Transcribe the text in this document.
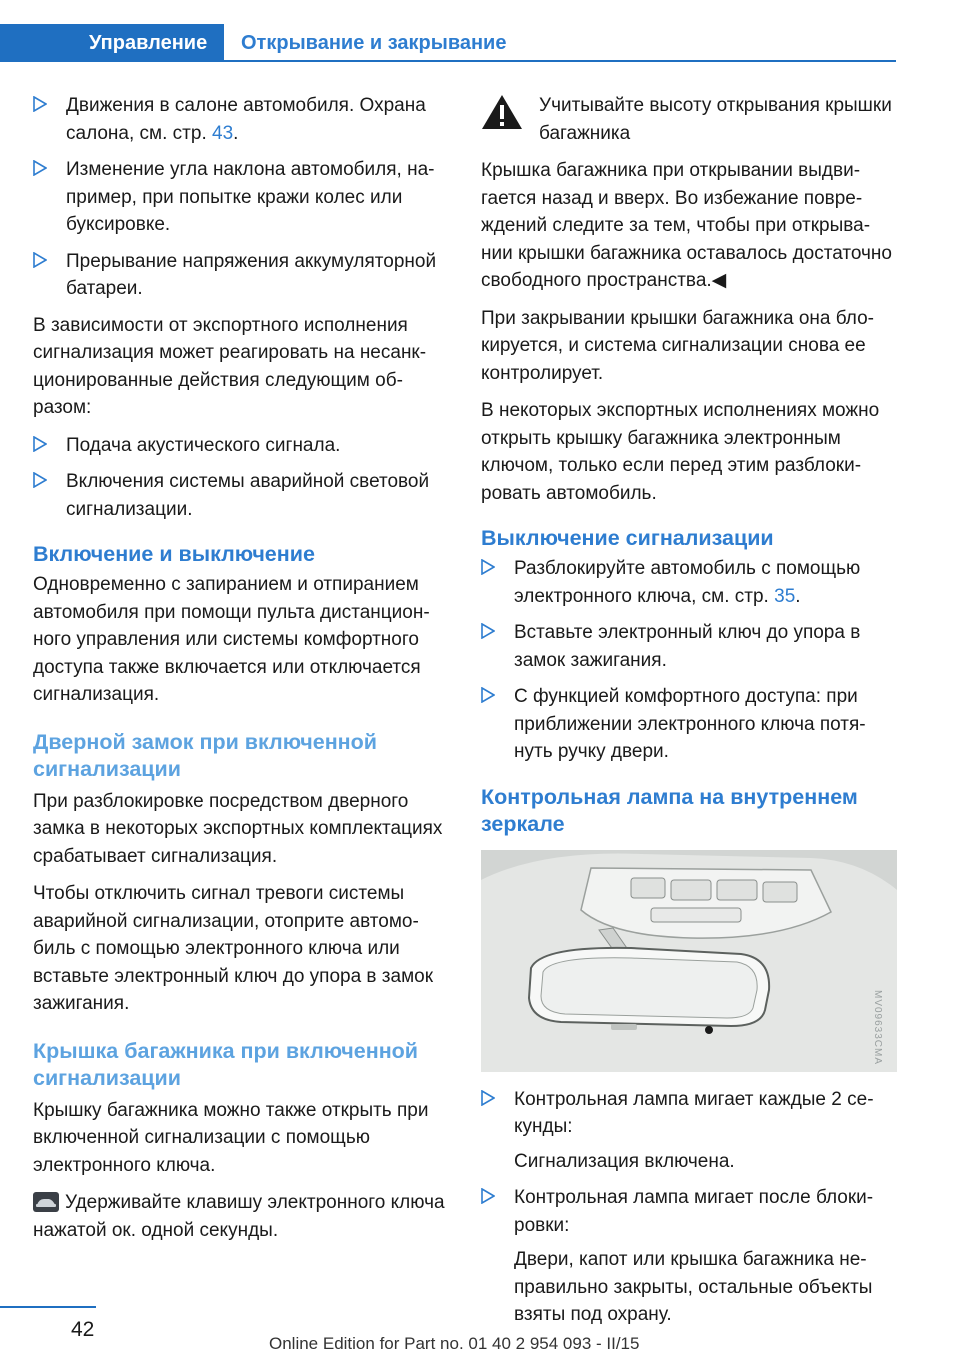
Управление	Открывание и закрывание
Движения в салоне автомобиля. Охрана салона, см. стр. 43.
Изменение угла наклона автомобиля, например, при попытке кражи колес или буксировке.
Прерывание напряжения аккумуляторной батареи.

В зависимости от экспортного исполнения сигнализация может реагировать на несанкционированные действия следующим образом:

Подача акустического сигнала.
Включения системы аварийной световой сигнализации.
Включение и выключение

Одновременно с запиранием и отпиранием автомобиля при помощи пульта дистанционного управления или системы комфортного доступа также включается или отключается сигнализация.

Дверной замок при включенной сигнализации

При разблокировке посредством дверного замка в некоторых экспортных комплектациях срабатывает сигнализация.

Чтобы отключить сигнал тревоги системы аварийной сигнализации, отоприте автомобиль с помощью электронного ключа или вставьте электронный ключ до упора в замок зажигания.

Крышка багажника при включенной сигнализации

Крышку багажника можно также открыть при включенной сигнализации с помощью электронного ключа.

Удерживайте клавишу электронного ключа нажатой ок. одной секунды.

Учитывайте высоту открывания крышки багажника

Крышка багажника при открывании выдвигается назад и вверх. Во избежание повреждений следите за тем, чтобы при открывании крышки багажника оставалось достаточно свободного пространства.◀

При закрывании крышки багажника она блокируется, и система сигнализации снова ее контролирует.

В некоторых экспортных исполнениях можно открыть крышку багажника электронным ключом, только если перед этим разблокировать автомобиль.

Выключение сигнализации
Разблокируйте автомобиль с помощью электронного ключа, см. стр. 35.
Вставьте электронный ключ до упора в замок зажигания.
С функцией комфортного доступа: при приближении электронного ключа потянуть ручку двери.
Контрольная лампа на внутреннем зеркале
MV09633CMA
Контрольная лампа мигает каждые 2 секунды:
Сигнализация включена.
Контрольная лампа мигает после блокировки:
Двери, капот или крышка багажника неправильно закрыты, остальные объекты взяты под охрану.
42
Online Edition for Part no. 01 40 2 954 093 - II/15
